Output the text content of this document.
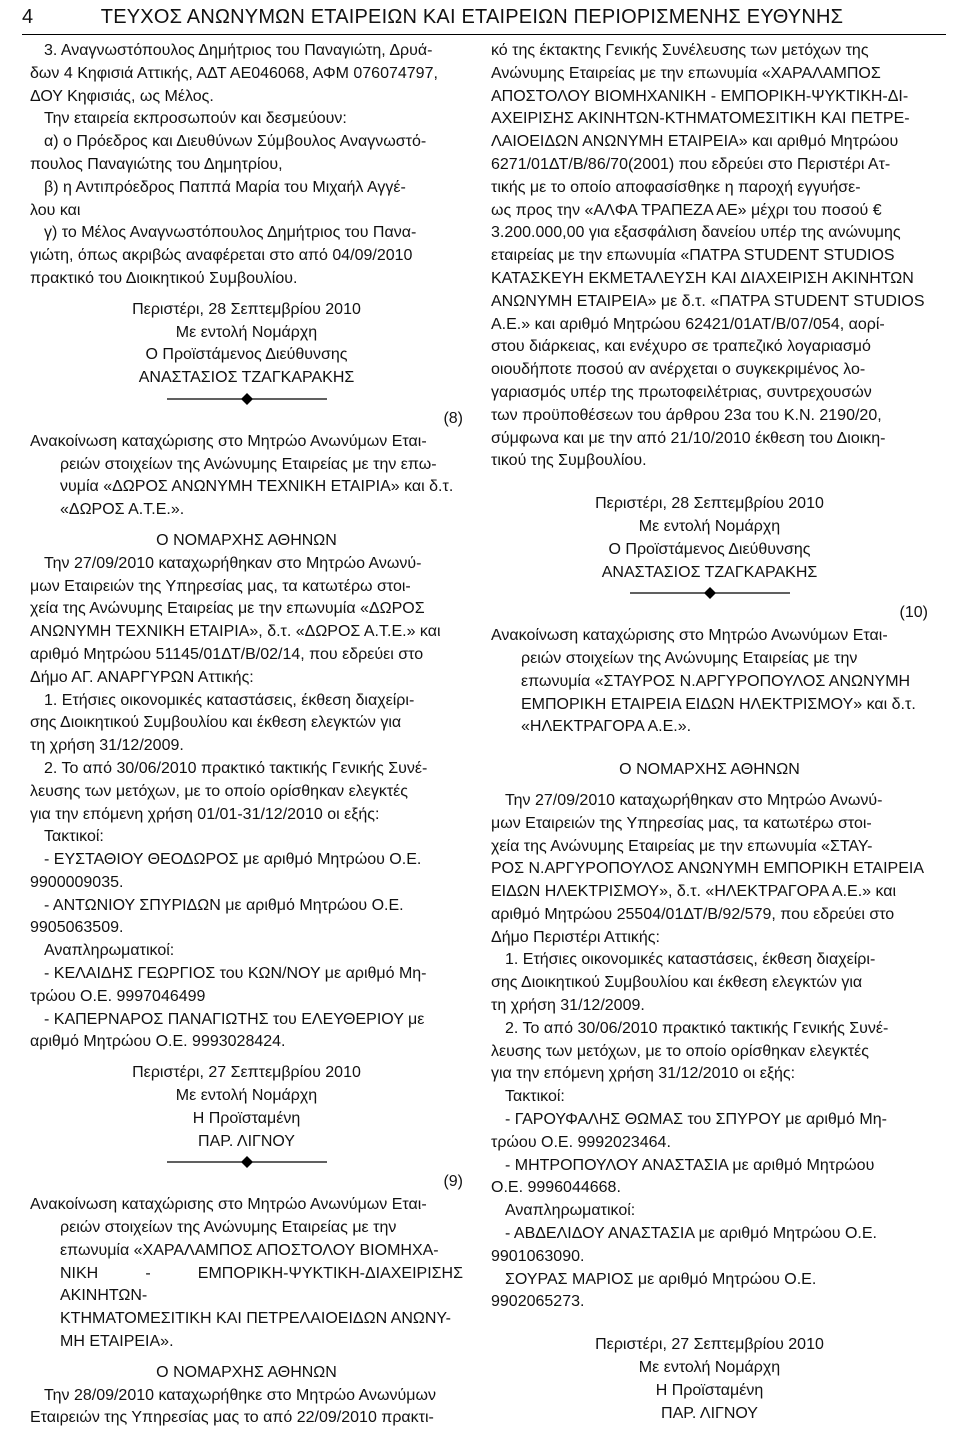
4	ΤΕΥΧΟΣ ΑΝΩΝΥΜΩΝ ΕΤΑΙΡΕΙΩΝ ΚΑΙ ΕΤΑΙΡΕΙΩΝ ΠΕΡΙΟΡΙΣΜΕΝΗΣ ΕΥΘΥΝΗΣ

3. Αναγνωστόπουλος Δημήτριος του Παναγιώτη, Δρυά-
δων 4 Κηφισιά Αττικής, ΑΔΤ ΑΕ046068, ΑΦΜ 076074797,
ΔΟΥ Κηφισιάς, ως Μέλος.

Την εταιρεία εκπροσωπούν και δεσμεύουν:

α) ο Πρόεδρος και Διευθύνων Σύμβουλος Αναγνωστό-
πουλος Παναγιώτης του Δημητρίου,

β) η Αντιπρόεδρος Παππά Μαρία του Μιχαήλ Αγγέ-
λου και

γ) το Μέλος Αναγνωστόπουλος Δημήτριος του Πανα-
γιώτη, όπως ακριβώς αναφέρεται στο από 04/09/2010
πρακτικό του Διοικητικού Συμβουλίου.

Περιστέρι, 28 Σεπτεμβρίου 2010

Με εντολή Νομάρχη

Ο Προϊστάμενος Διεύθυνσης

ΑΝΑΣΤΑΣΙΟΣ ΤΖΑΓΚΑΡΑΚΗΣ

(8)

Ανακοίνωση καταχώρισης στο Μητρώο Ανωνύμων Εται-
ρειών στοιχείων της Ανώνυμης Εταιρείας με την επω-
νυμία «ΔΩΡΟΣ ΑΝΩΝΥΜΗ ΤΕΧΝΙΚΗ ΕΤΑΙΡΙΑ» και δ.τ.
«ΔΩΡΟΣ Α.Τ.Ε.».

Ο ΝΟΜΑΡΧΗΣ ΑΘΗΝΩΝ

Την 27/09/2010 καταχωρήθηκαν στο Μητρώο Ανωνύ-
μων Εταιρειών της Υπηρεσίας μας, τα κατωτέρω στοι-
χεία της Ανώνυμης Εταιρείας με την επωνυμία «ΔΩΡΟΣ
ΑΝΩΝΥΜΗ ΤΕΧΝΙΚΗ ΕΤΑΙΡΙΑ», δ.τ. «ΔΩΡΟΣ Α.Τ.Ε.» και
αριθμό Μητρώου 51145/01ΔΤ/Β/02/14, που εδρεύει στο
Δήμο ΑΓ. ΑΝΑΡΓΥΡΩΝ Αττικής:

1. Ετήσιες οικονομικές καταστάσεις, έκθεση διαχείρι-
σης Διοικητικού Συμβουλίου και έκθεση ελεγκτών για
τη χρήση 31/12/2009.

2. Το από 30/06/2010 πρακτικό τακτικής Γενικής Συνέ-
λευσης των μετόχων, με το οποίο ορίσθηκαν ελεγκτές
για την επόμενη χρήση 01/01-31/12/2010 οι εξής:

Τακτικοί:

- ΕΥΣΤΑΘΙΟΥ ΘΕΟΔΩΡΟΣ με αριθμό Μητρώου Ο.Ε.
9900009035.

- ΑΝΤΩΝΙΟΥ ΣΠΥΡΙΔΩΝ με αριθμό Μητρώου Ο.Ε.
9905063509.

Αναπληρωματικοί:

- ΚΕΛΑΙΔΗΣ ΓΕΩΡΓΙΟΣ του ΚΩΝ/ΝΟΥ με αριθμό Μη-
τρώου Ο.Ε. 9997046499

- ΚΑΠΕΡΝΑΡΟΣ ΠΑΝΑΓΙΩΤΗΣ του ΕΛΕΥΘΕΡΙΟΥ με
αριθμό Μητρώου Ο.Ε. 9993028424.

Περιστέρι, 27 Σεπτεμβρίου 2010

Με εντολή Νομάρχη

Η Προϊσταμένη

ΠΑΡ. ΛΙΓΝΟΥ

(9)

Ανακοίνωση καταχώρισης στο Μητρώο Ανωνύμων Εται-
ρειών στοιχείων της Ανώνυμης Εταιρείας με την
επωνυμία «ΧΑΡΑΛΑΜΠΟΣ ΑΠΟΣΤΟΛΟΥ ΒΙΟΜΗΧΑ-
ΝΙΚΗ - ΕΜΠΟΡΙΚΗ-ΨΥΚΤΙΚΗ-ΔΙΑΧΕΙΡΙΣΗΣ ΑΚΙΝΗΤΩΝ-
ΚΤΗΜΑΤΟΜΕΣΙΤΙΚΗ ΚΑΙ ΠΕΤΡΕΛΑΙΟΕΙΔΩΝ ΑΝΩΝΥ-
ΜΗ ΕΤΑΙΡΕΙΑ».

Ο ΝΟΜΑΡΧΗΣ ΑΘΗΝΩΝ

Την 28/09/2010 καταχωρήθηκε στο Μητρώο Ανωνύμων
Εταιρειών της Υπηρεσίας μας το από 22/09/2010 πρακτι-

κό της έκτακτης Γενικής Συνέλευσης των μετόχων της
Ανώνυμης Εταιρείας με την επωνυμία «ΧΑΡΑΛΑΜΠΟΣ
ΑΠΟΣΤΟΛΟΥ ΒΙΟΜΗΧΑΝΙΚΗ - ΕΜΠΟΡΙΚΗ-ΨΥΚΤΙΚΗ-ΔΙ-
ΑΧΕΙΡΙΣΗΣ ΑΚΙΝΗΤΩΝ-ΚΤΗΜΑΤΟΜΕΣΙΤΙΚΗ ΚΑΙ ΠΕΤΡΕ-
ΛΑΙΟΕΙΔΩΝ ΑΝΩΝΥΜΗ ΕΤΑΙΡΕΙΑ» και αριθμό Μητρώου
6271/01ΔΤ/Β/86/70(2001) που εδρεύει στο Περιστέρι Ατ-
τικής με το οποίο αποφασίσθηκε η παροχή εγγυήσε-
ως προς την «ΑΛΦΑ ΤΡΑΠΕΖΑ ΑΕ» μέχρι του ποσού €
3.200.000,00 για εξασφάλιση δανείου υπέρ της ανώνυμης
εταιρείας με την επωνυμία «ΠΑΤΡΑ STUDENT STUDIOS
ΚΑΤΑΣΚΕΥΗ ΕΚΜΕΤΑΛΕΥΣΗ ΚΑΙ ΔΙΑΧΕΙΡΙΣΗ ΑΚΙΝΗΤΩΝ
ΑΝΩΝΥΜΗ ΕΤΑΙΡΕΙΑ» με δ.τ. «ΠΑΤΡΑ STUDENT STUDIOS
Α.Ε.» και αριθμό Μητρώου 62421/01ΑΤ/Β/07/054, αορί-
στου διάρκειας, και ενέχυρο σε τραπεζικό λογαριασμό
οιουδήποτε ποσού αν ανέρχεται ο συγκεκριμένος λο-
γαριασμός υπέρ της πρωτοφειλέτριας, συντρεχουσών
των προϋποθέσεων του άρθρου 23α του Κ.Ν. 2190/20,
σύμφωνα και με την από 21/10/2010 έκθεση του Διοικη-
τικού της Συμβουλίου.

Περιστέρι, 28 Σεπτεμβρίου 2010

Με εντολή Νομάρχη

Ο Προϊστάμενος Διεύθυνσης

ΑΝΑΣΤΑΣΙΟΣ ΤΖΑΓΚΑΡΑΚΗΣ

(10)

Ανακοίνωση καταχώρισης στο Μητρώο Ανωνύμων Εται-
ρειών στοιχείων της Ανώνυμης Εταιρείας με την
επωνυμία «ΣΤΑΥΡΟΣ Ν.ΑΡΓΥΡΟΠΟΥΛΟΣ ΑΝΩΝΥΜΗ
ΕΜΠΟΡΙΚΗ ΕΤΑΙΡΕΙΑ ΕΙΔΩΝ ΗΛΕΚΤΡΙΣΜΟΥ» και δ.τ.
«ΗΛΕΚΤΡΑΓΟΡΑ Α.Ε.».

Ο ΝΟΜΑΡΧΗΣ ΑΘΗΝΩΝ

Την 27/09/2010 καταχωρήθηκαν στο Μητρώο Ανωνύ-
μων Εταιρειών της Υπηρεσίας μας, τα κατωτέρω στοι-
χεία της Ανώνυμης Εταιρείας με την επωνυμία «ΣΤΑΥ-
ΡΟΣ Ν.ΑΡΓΥΡΟΠΟΥΛΟΣ ΑΝΩΝΥΜΗ ΕΜΠΟΡΙΚΗ ΕΤΑΙΡΕΙΑ
ΕΙΔΩΝ ΗΛΕΚΤΡΙΣΜΟΥ», δ.τ. «ΗΛΕΚΤΡΑΓΟΡΑ Α.Ε.» και
αριθμό Μητρώου 25504/01ΔΤ/Β/92/579, που εδρεύει στο
Δήμο Περιστέρι Αττικής:

1. Ετήσιες οικονομικές καταστάσεις, έκθεση διαχείρι-
σης Διοικητικού Συμβουλίου και έκθεση ελεγκτών για
τη χρήση 31/12/2009.

2. Το από 30/06/2010 πρακτικό τακτικής Γενικής Συνέ-
λευσης των μετόχων, με το οποίο ορίσθηκαν ελεγκτές
για την επόμενη χρήση 31/12/2010 οι εξής:

Τακτικοί:

- ΓΑΡΟΥΦΑΛΗΣ ΘΩΜΑΣ του ΣΠΥΡΟΥ με αριθμό Μη-
τρώου Ο.Ε. 9992023464.

- ΜΗΤΡΟΠΟΥΛΟΥ ΑΝΑΣΤΑΣΙΑ με αριθμό Μητρώου
Ο.Ε. 9996044668.

Αναπληρωματικοί:

- ΑΒΔΕΛΙΔΟΥ ΑΝΑΣΤΑΣΙΑ με αριθμό Μητρώου Ο.Ε.
9901063090.

ΣΟΥΡΑΣ ΜΑΡΙΟΣ με αριθμό Μητρώου Ο.Ε.
9902065273.

Περιστέρι, 27 Σεπτεμβρίου 2010

Με εντολή Νομάρχη

Η Προϊσταμένη

ΠΑΡ. ΛΙΓΝΟΥ
